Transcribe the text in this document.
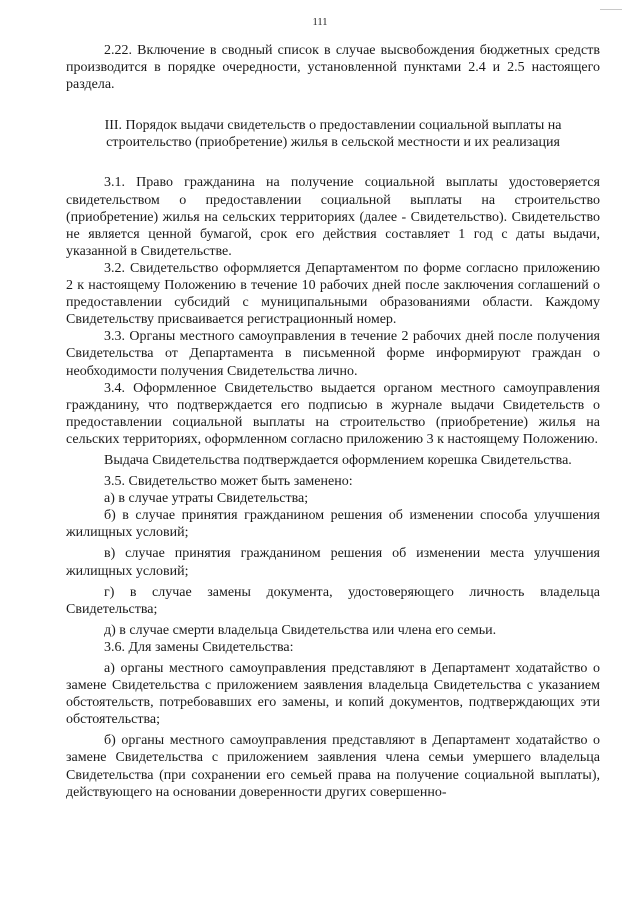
111

2.22. Включение в сводный список в случае высвобождения бюджетных средств производится в порядке очередности, установленной пунктами 2.4 и 2.5 настоящего раздела.

III. Порядок выдачи свидетельств о предоставлении социальной выплаты на строительство (приобретение) жилья в сельской местности и их реализация

3.1. Право гражданина на получение социальной выплаты удостоверяется свидетельством о предоставлении социальной выплаты на строительство (приобретение) жилья на сельских территориях (далее - Свидетельство). Свидетельство не является ценной бумагой, срок его действия составляет 1 год с даты выдачи, указанной в Свидетельстве.

3.2. Свидетельство оформляется Департаментом по форме согласно приложению 2 к настоящему Положению в течение 10 рабочих дней после заключения соглашений о предоставлении субсидий с муниципальными образованиями области. Каждому Свидетельству присваивается регистрационный номер.

3.3. Органы местного самоуправления в течение 2 рабочих дней после получения Свидетельства от Департамента в письменной форме информируют граждан о необходимости получения Свидетельства лично.

3.4. Оформленное Свидетельство выдается органом местного самоуправления гражданину, что подтверждается его подписью в журнале выдачи Свидетельств о предоставлении социальной выплаты на строительство (приобретение) жилья на сельских территориях, оформленном согласно приложению 3 к настоящему Положению.

Выдача Свидетельства подтверждается оформлением корешка Свидетельства.

3.5. Свидетельство может быть заменено:

а) в случае утраты Свидетельства;

б) в случае принятия гражданином решения об изменении способа улучшения жилищных условий;

в) случае принятия гражданином решения об изменении места улучшения жилищных условий;

г) в случае замены документа, удостоверяющего личность владельца Свидетельства;

д) в случае смерти владельца Свидетельства или члена его семьи.

3.6. Для замены Свидетельства:

а) органы местного самоуправления представляют в Департамент ходатайство о замене Свидетельства с приложением заявления владельца Свидетельства с указанием обстоятельств, потребовавших его замены, и копий документов, подтверждающих эти обстоятельства;

б) органы местного самоуправления представляют в Департамент ходатайство о замене Свидетельства с приложением заявления члена семьи умершего владельца Свидетельства (при сохранении его семьей права на получение социальной выплаты), действующего на основании доверенности других совершенно-
